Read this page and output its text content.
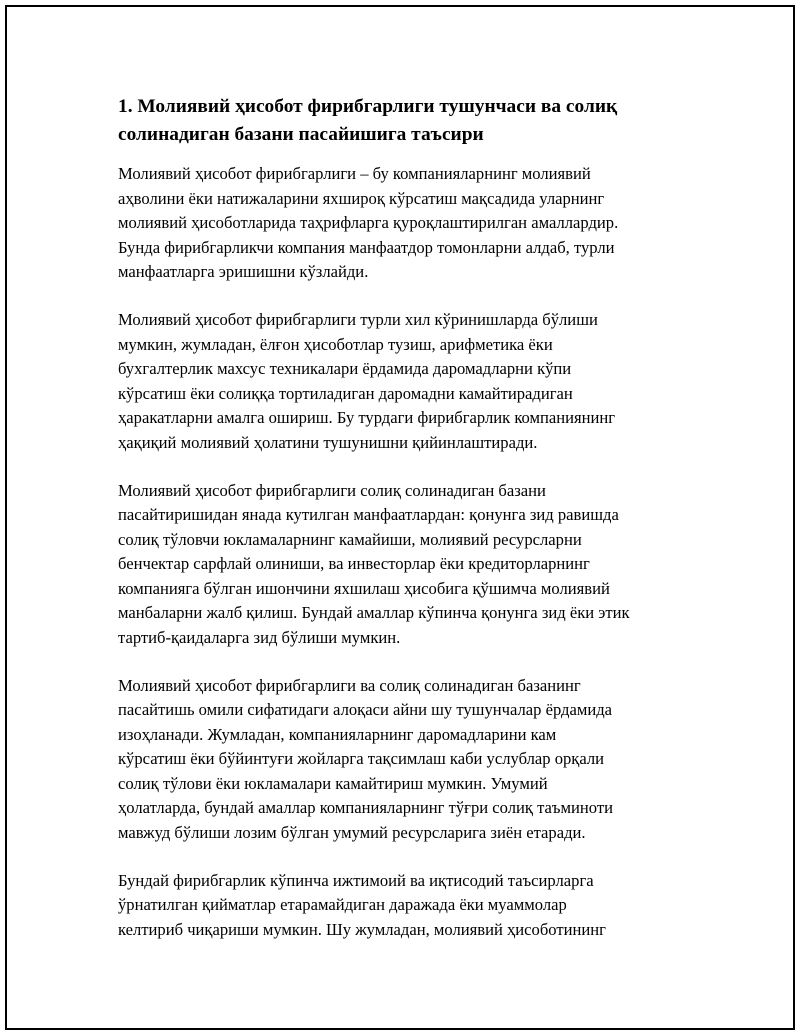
1. Молиявий ҳисобот фирибгарлиги тушунчаси ва солиқ
солинадиган базани пасайишига таъсири

Молиявий ҳисобот фирибгарлиги – бу компанияларнинг молиявий
аҳволини ёки натижаларини яхшироқ кўрсатиш мақсадида уларнинг
молиявий ҳисоботларида таҳрифларга қуроқлаштирилган амаллардир.
Бунда фирибгарликчи компания манфаатдор томонларни алдаб, турли
манфаатларга эришишни кўзлайди.

Молиявий ҳисобот фирибгарлиги турли хил кўринишларда бўлиши
мумкин, жумладан, ёлғон ҳисоботлар тузиш, арифметика ёки
бухгалтерлик махсус техникалари ёрдамида даромадларни кўпи
кўрсатиш ёки солиққа тортиладиган даромадни камайтирадиган
ҳаракатларни амалга ошириш. Бу турдаги фирибгарлик компаниянинг
ҳақиқий молиявий ҳолатини тушунишни қийинлаштиради.

Молиявий ҳисобот фирибгарлиги солиқ солинадиган базани
пасайтиришидан янада кутилган манфаатлардан: қонунга зид равишда
солиқ тўловчи юкламаларнинг камайиши, молиявий ресурсларни
бенчектар сарфлай олиниши, ва инвесторлар ёки кредиторларнинг
компанияга бўлган ишончини яхшилаш ҳисобига қўшимча молиявий
манбаларни жалб қилиш. Бундай амаллар кўпинча қонунга зид ёки этик
тартиб-қаидаларга зид бўлиши мумкин.

Молиявий ҳисобот фирибгарлиги ва солиқ солинадиган базанинг
пасайтишь омили сифатидаги алоқаси айни шу тушунчалар ёрдамида
изоҳланади. Жумладан, компанияларнинг даромадларини кам
кўрсатиш ёки бўйинтуғи жойларга тақсимлаш каби услублар орқали
солиқ тўлови ёки юкламалари камайтириш мумкин. Умумий
ҳолатларда, бундай амаллар компанияларнинг тўғри солиқ таъминоти
мавжуд бўлиши лозим бўлган умумий ресурсларига зиён етаради.

Бундай фирибгарлик кўпинча ижтимоий ва иқтисодий таъсирларга
ўрнатилган қийматлар етарамайдиган даражада ёки муаммолар
келтириб чиқариши мумкин. Шу жумладан, молиявий ҳисоботининг
